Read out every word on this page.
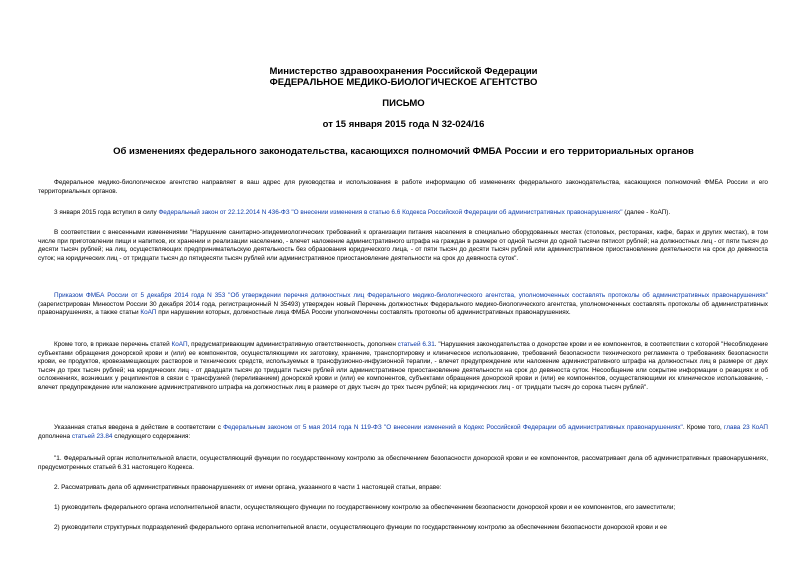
Министерство здравоохранения Российской Федерации
ФЕДЕРАЛЬНОЕ МЕДИКО-БИОЛОГИЧЕСКОЕ АГЕНТСТВО
ПИСЬМО
от 15 января 2015 года N 32-024/16
Об изменениях федерального законодательства, касающихся полномочий ФМБА России и его территориальных органов
Федеральное медико-биологическое агентство направляет в ваш адрес для руководства и использования в работе информацию об изменениях федерального законодательства, касающихся полномочий ФМБА России и его территориальных органов.
3 января 2015 года вступил в силу Федеральный закон от 22.12.2014 N 436-ФЗ "О внесении изменения в статью 6.6 Кодекса Российской Федерации об административных правонарушениях" (далее - КоАП).
В соответствии с внесенными изменениями "Нарушение санитарно-эпидемиологических требований к организации питания населения в специально оборудованных местах (столовых, ресторанах, кафе, барах и других местах), в том числе при приготовлении пищи и напитков, их хранении и реализации населению, - влечет наложение административного штрафа на граждан в размере от одной тысячи до одной тысячи пятисот рублей; на должностных лиц - от пяти тысяч до десяти тысяч рублей; на лиц, осуществляющих предпринимательскую деятельность без образования юридического лица, - от пяти тысяч до десяти тысяч рублей или административное приостановление деятельности на срок до девяноста суток; на юридических лиц - от тридцати тысяч до пятидесяти тысяч рублей или административное приостановление деятельности на срок до девяноста суток".
Приказом ФМБА России от 5 декабря 2014 года N 353 "Об утверждении перечня должностных лиц Федерального медико-биологического агентства, уполномоченных составлять протоколы об административных правонарушениях" (зарегистрирован Минюстом России 30 декабря 2014 года, регистрационный N 35493) утвержден новый Перечень должностных Федерального медико-биологического агентства, уполномоченных составлять протоколы об административных правонарушениях, а также статьи КоАП при нарушении которых, должностные лица ФМБА России уполномочены составлять протоколы об административных правонарушениях.
Кроме того, в приказе перечень статей КоАП, предусматривающим административную ответственность, дополнен статьей 6.31. "Нарушения законодательства о донорстве крови и ее компонентов, в соответствии с которой "Несоблюдение субъектами обращения донорской крови и (или) ее компонентов, осуществляющими их заготовку, хранение, транспортировку и клиническое использование, требований безопасности технического регламента о требованиях безопасности крови, ее продуктов, кровезамещающих растворов и технических средств, используемых в трансфузионно-инфузионной терапии, - влечет предупреждение или наложение административного штрафа на должностных лиц в размере от двух тысяч до трех тысяч рублей; на юридических лиц - от двадцати тысяч до тридцати тысяч рублей или административное приостановление деятельности на срок до девяноста суток. Несообщение или сокрытие информации о реакциях и об осложнениях, возникших у реципиентов в связи с трансфузией (переливанием) донорской крови и (или) ее компонентов, субъектами обращения донорской крови и (или) ее компонентов, осуществляющими их клиническое использование, - влечет предупреждение или наложение административного штрафа на должностных лиц в размере от двух тысяч до трех тысяч рублей; на юридических лиц - от тридцати тысяч до сорока тысяч рублей".
Указанная статья введена в действие в соответствии с Федеральным законом от 5 мая 2014 года N 119-ФЗ "О внесении изменений в Кодекс Российской Федерации об административных правонарушениях". Кроме того, глава 23 КоАП дополнена статьей 23.84 следующего содержания:
"1. Федеральный орган исполнительной власти, осуществляющий функции по государственному контролю за обеспечением безопасности донорской крови и ее компонентов, рассматривает дела об административных правонарушениях, предусмотренных статьей 6.31 настоящего Кодекса.
2. Рассматривать дела об административных правонарушениях от имени органа, указанного в части 1 настоящей статьи, вправе:
1) руководитель федерального органа исполнительной власти, осуществляющего функции по государственному контролю за обеспечением безопасности донорской крови и ее компонентов, его заместители;
2) руководители структурных подразделений федерального органа исполнительной власти, осуществляющего функции по государственному контролю за обеспечением безопасности донорской крови и ее
